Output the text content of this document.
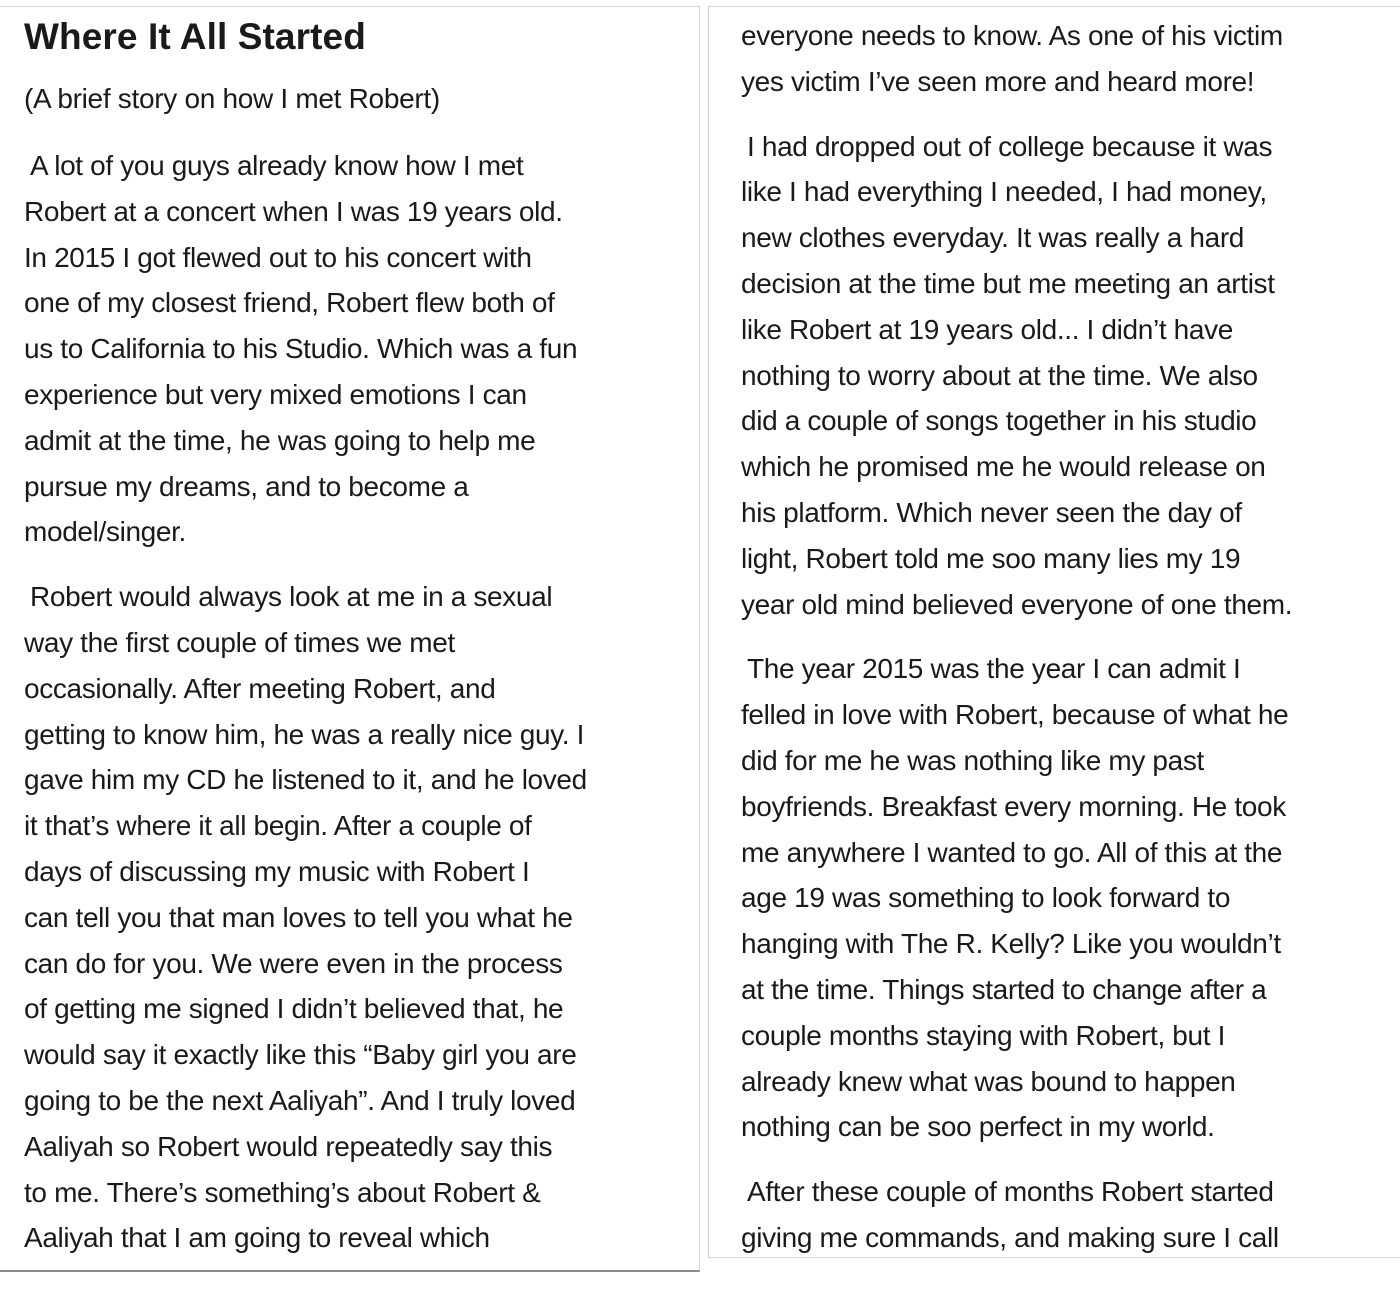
Where It All Started
(A brief story on how I met Robert)
A lot of you guys already know how I met
Robert at a concert when I was 19 years old.
In 2015 I got flewed out to his concert with
one of my closest friend, Robert flew both of
us to California to his Studio. Which was a fun
experience but very mixed emotions I can
admit at the time, he was going to help me
pursue my dreams, and to become a
model/singer.
Robert would always look at me in a sexual
way the first couple of times we met
occasionally. After meeting Robert, and
getting to know him, he was a really nice guy. I
gave him my CD he listened to it, and he loved
it that’s where it all begin. After a couple of
days of discussing my music with Robert I
can tell you that man loves to tell you what he
can do for you. We were even in the process
of getting me signed I didn’t believed that, he
would say it exactly like this “Baby girl you are
going to be the next Aaliyah”. And I truly loved
Aaliyah so Robert would repeatedly say this
to me. There’s something’s about Robert &
Aaliyah that I am going to reveal which
everyone needs to know. As one of his victim
yes victim I’ve seen more and heard more!
I had dropped out of college because it was
like I had everything I needed, I had money,
new clothes everyday. It was really a hard
decision at the time but me meeting an artist
like Robert at 19 years old... I didn’t have
nothing to worry about at the time. We also
did a couple of songs together in his studio
which he promised me he would release on
his platform. Which never seen the day of
light, Robert told me soo many lies my 19
year old mind believed everyone of one them.
The year 2015 was the year I can admit I
felled in love with Robert, because of what he
did for me he was nothing like my past
boyfriends. Breakfast every morning. He took
me anywhere I wanted to go. All of this at the
age 19 was something to look forward to
hanging with The R. Kelly? Like you wouldn’t
at the time. Things started to change after a
couple months staying with Robert, but I
already knew what was bound to happen
nothing can be soo perfect in my world.
After these couple of months Robert started
giving me commands, and making sure I call
